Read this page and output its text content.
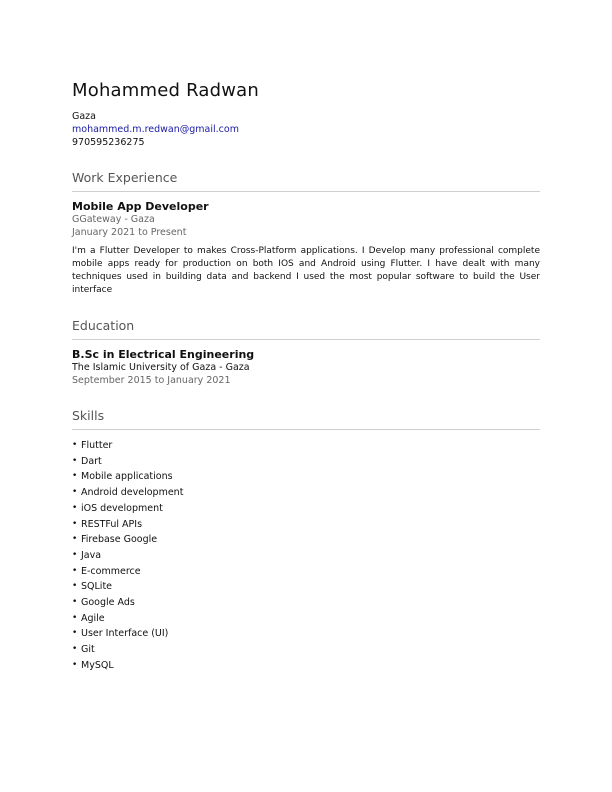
Mohammed Radwan
Gaza
mohammed.m.redwan@gmail.com
970595236275
Work Experience
Mobile App Developer
GGateway - Gaza
January 2021 to Present
I'm a Flutter Developer to makes Cross-Platform applications. I Develop many professional complete mobile apps ready for production on both IOS and Android using Flutter. I have dealt with many techniques used in building data and backend I used the most popular software to build the User interface
Education
B.Sc in Electrical Engineering
The Islamic University of Gaza - Gaza
September 2015 to January 2021
Skills
• Flutter
• Dart
• Mobile applications
• Android development
• iOS development
• RESTFul APIs
• Firebase Google
• Java
• E-commerce
• SQLite
• Google Ads
• Agile
• User Interface (UI)
• Git
• MySQL
